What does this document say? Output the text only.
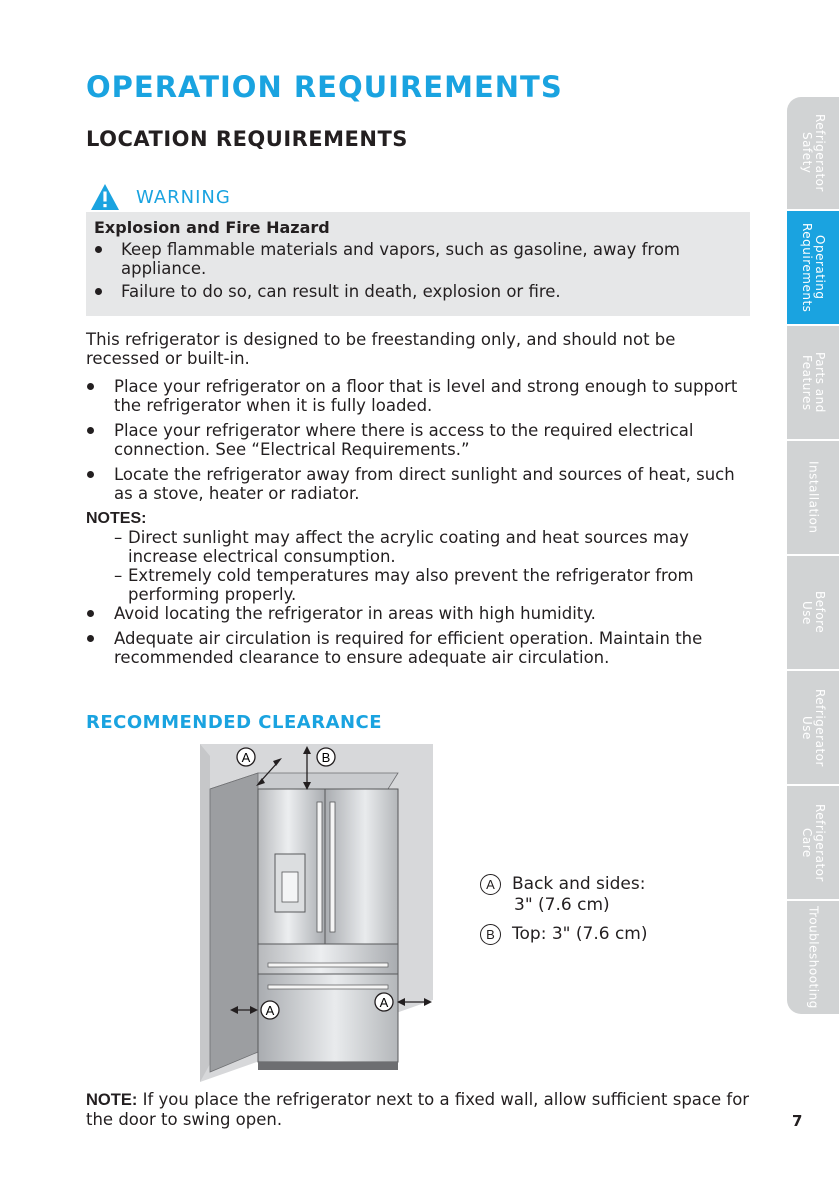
OPERATION REQUIREMENTS
LOCATION REQUIREMENTS
WARNING

Explosion and Fire Hazard

Keep flammable materials and vapors, such as gasoline, away from appliance.

Failure to do so, can result in death, explosion or fire.

This refrigerator is designed to be freestanding only, and should not be recessed or built-in.

Place your refrigerator on a floor that is level and strong enough to support the refrigerator when it is fully loaded.

Place your refrigerator where there is access to the required electrical connection. See “Electrical Requirements.”

Locate the refrigerator away from direct sunlight and sources of heat, such as a stove, heater or radiator.

NOTES:

– Direct sunlight may affect the acrylic coating and heat sources may increase electrical consumption.

– Extremely cold temperatures may also prevent the refrigerator from performing properly.

Avoid locating the refrigerator in areas with high humidity.

Adequate air circulation is required for efficient operation. Maintain the recommended clearance to ensure adequate air circulation.

RECOMMENDED CLEARANCE
A	B
A
A
A	Back and sides:
3" (7.6 cm)
B	Top: 3" (7.6 cm)

NOTE: If you place the refrigerator next to a fixed wall, allow sufficient space for the door to swing open.

Refrigerator
Safety
Operating
Requirements
Parts and
Features
Installation
Before
Use
Refrigerator
Use
Refrigerator
Care
Troubleshooting
7
